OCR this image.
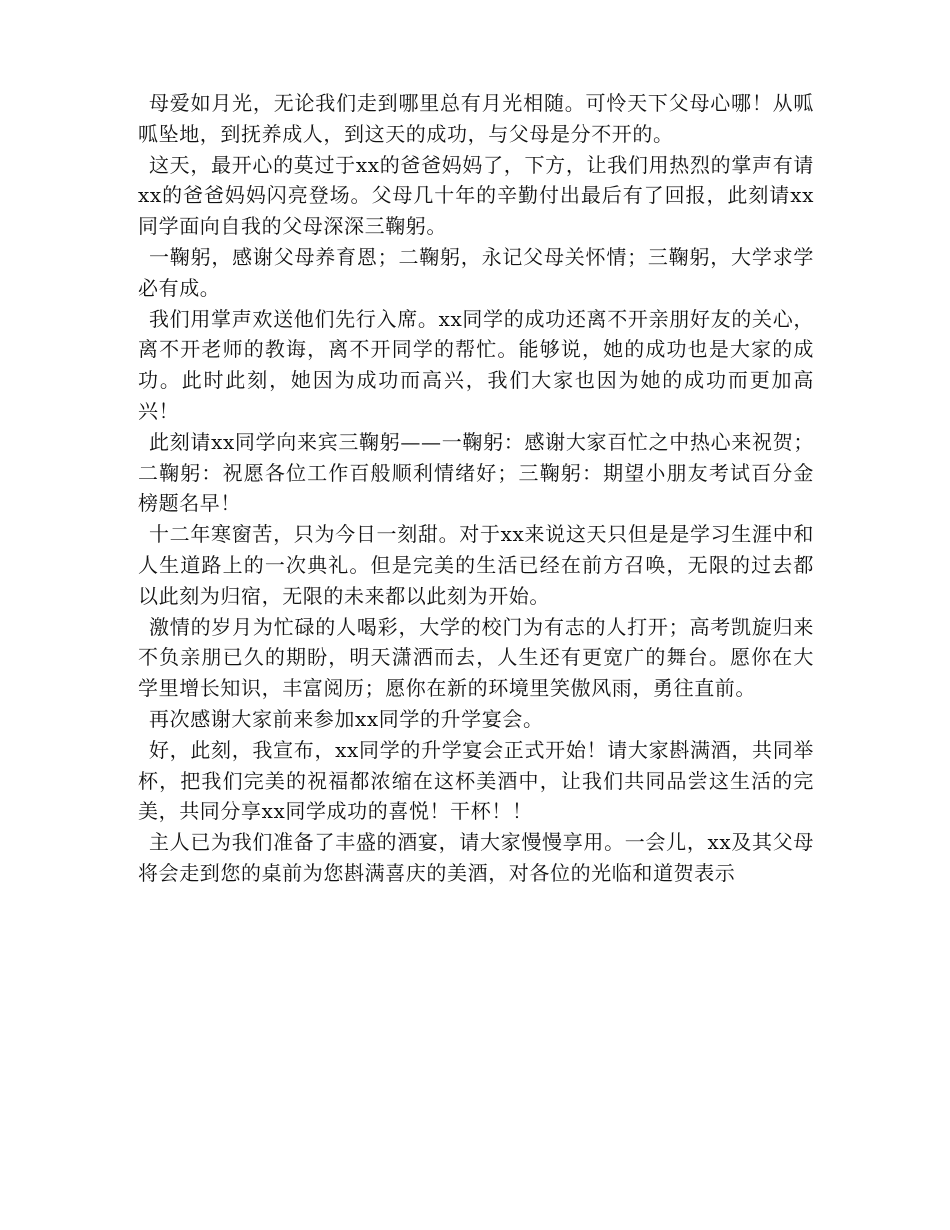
母爱如月光，无论我们走到哪里总有月光相随。可怜天下父母心哪！从呱呱坠地，到抚养成人，到这天的成功，与父母是分不开的。

这天，最开心的莫过于xx的爸爸妈妈了，下方，让我们用热烈的掌声有请xx的爸爸妈妈闪亮登场。父母几十年的辛勤付出最后有了回报，此刻请xx同学面向自我的父母深深三鞠躬。

一鞠躬，感谢父母养育恩；二鞠躬，永记父母关怀情；三鞠躬，大学求学必有成。

我们用掌声欢送他们先行入席。xx同学的成功还离不开亲朋好友的关心，离不开老师的教诲，离不开同学的帮忙。能够说，她的成功也是大家的成功。此时此刻，她因为成功而高兴，我们大家也因为她的成功而更加高兴！

此刻请xx同学向来宾三鞠躬——一鞠躬：感谢大家百忙之中热心来祝贺；二鞠躬：祝愿各位工作百般顺利情绪好；三鞠躬：期望小朋友考试百分金榜题名早！

十二年寒窗苦，只为今日一刻甜。对于xx来说这天只但是是学习生涯中和人生道路上的一次典礼。但是完美的生活已经在前方召唤，无限的过去都以此刻为归宿，无限的未来都以此刻为开始。

激情的岁月为忙碌的人喝彩，大学的校门为有志的人打开；高考凯旋归来不负亲朋已久的期盼，明天潇洒而去，人生还有更宽广的舞台。愿你在大学里增长知识，丰富阅历；愿你在新的环境里笑傲风雨，勇往直前。

再次感谢大家前来参加xx同学的升学宴会。

好，此刻，我宣布，xx同学的升学宴会正式开始！请大家斟满酒，共同举杯，把我们完美的祝福都浓缩在这杯美酒中，让我们共同品尝这生活的完美，共同分享xx同学成功的喜悦！干杯！！

主人已为我们准备了丰盛的酒宴，请大家慢慢享用。一会儿，xx及其父母将会走到您的桌前为您斟满喜庆的美酒，对各位的光临和道贺表示
